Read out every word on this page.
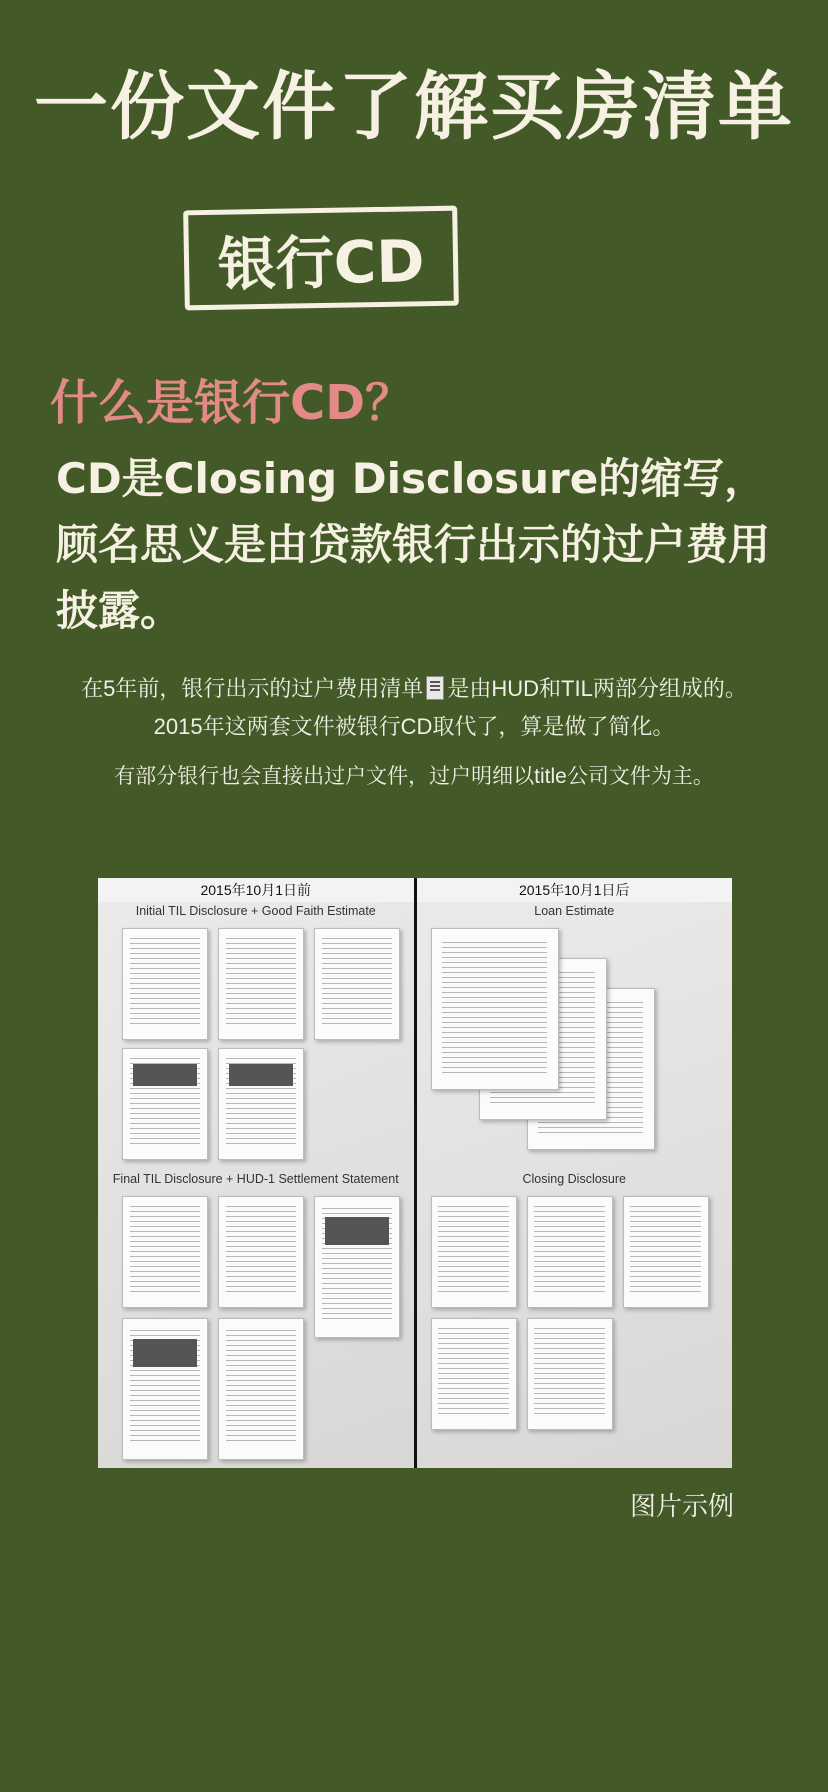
一份文件了解买房清单
银行CD
什么是银行CD？
CD是Closing Disclosure的缩写，顾名思义是由贷款银行出示的过户费用披露。
在5年前，银行出示的过户费用清单 是由HUD和TIL两部分组成的。2015年这两套文件被银行CD取代了，算是做了简化。
有部分银行也会直接出过户文件，过户明细以title公司文件为主。
2015年10月1日前
Initial TIL Disclosure + Good Faith Estimate
Final TIL Disclosure + HUD-1 Settlement Statement
2015年10月1日后
Loan Estimate
Closing Disclosure
图片示例
